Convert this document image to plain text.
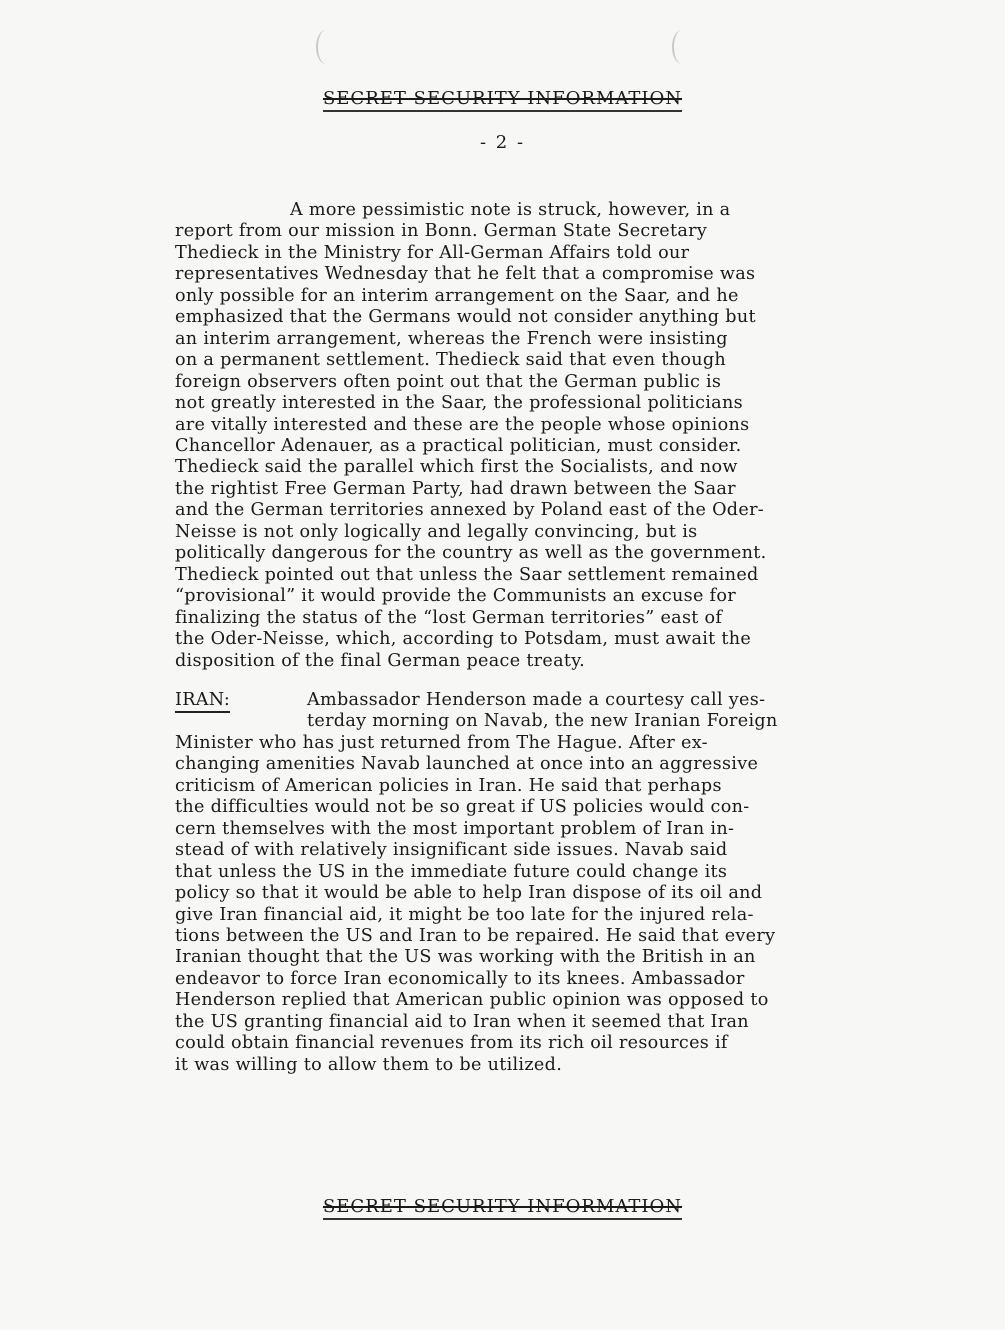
SECRET SECURITY INFORMATION
- 2 -
A more pessimistic note is struck, however, in a
report from our mission in Bonn. German State Secretary
Thedieck in the Ministry for All-German Affairs told our
representatives Wednesday that he felt that a compromise was
only possible for an interim arrangement on the Saar, and he
emphasized that the Germans would not consider anything but
an interim arrangement, whereas the French were insisting
on a permanent settlement. Thedieck said that even though
foreign observers often point out that the German public is
not greatly interested in the Saar, the professional politicians
are vitally interested and these are the people whose opinions
Chancellor Adenauer, as a practical politician, must consider.
Thedieck said the parallel which first the Socialists, and now
the rightist Free German Party, had drawn between the Saar
and the German territories annexed by Poland east of the Oder-
Neisse is not only logically and legally convincing, but is
politically dangerous for the country as well as the government.
Thedieck pointed out that unless the Saar settlement remained
“provisional” it would provide the Communists an excuse for
finalizing the status of the “lost German territories” east of
the Oder-Neisse, which, according to Potsdam, must await the
disposition of the final German peace treaty.
IRAN:	Ambassador Henderson made a courtesy call yes-
terday morning on Navab, the new Iranian Foreign
Minister who has just returned from The Hague. After ex-
changing amenities Navab launched at once into an aggressive
criticism of American policies in Iran. He said that perhaps
the difficulties would not be so great if US policies would con-
cern themselves with the most important problem of Iran in-
stead of with relatively insignificant side issues. Navab said
that unless the US in the immediate future could change its
policy so that it would be able to help Iran dispose of its oil and
give Iran financial aid, it might be too late for the injured rela-
tions between the US and Iran to be repaired. He said that every
Iranian thought that the US was working with the British in an
endeavor to force Iran economically to its knees. Ambassador
Henderson replied that American public opinion was opposed to
the US granting financial aid to Iran when it seemed that Iran
could obtain financial revenues from its rich oil resources if
it was willing to allow them to be utilized.
SECRET SECURITY INFORMATION
